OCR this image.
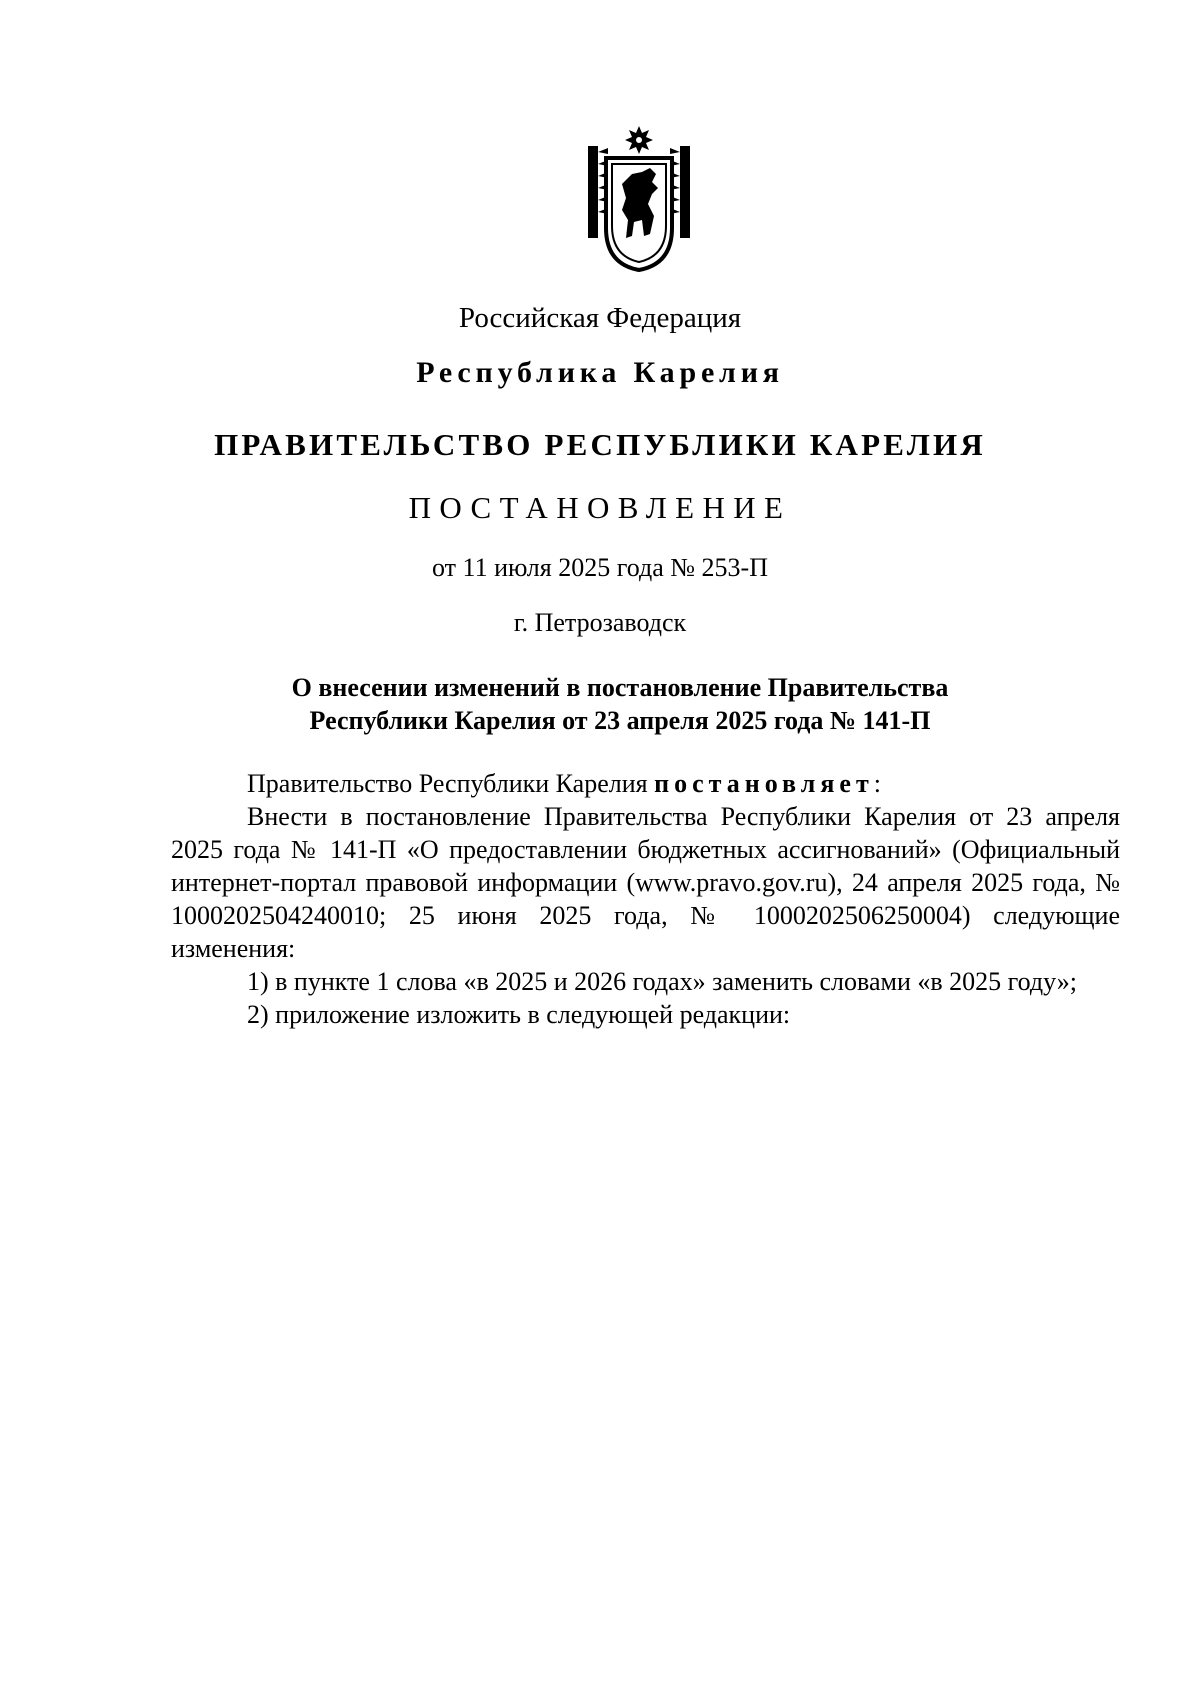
Российская Федерация
Республика Карелия
ПРАВИТЕЛЬСТВО РЕСПУБЛИКИ КАРЕЛИЯ
ПОСТАНОВЛЕНИЕ
от 11 июля 2025 года № 253-П
г. Петрозаводск
О внесении изменений в постановление Правительства
Республики Карелия от 23 апреля 2025 года № 141-П

Правительство Республики Карелия постановляет:

Внести в постановление Правительства Республики Карелия от 23 апреля 2025 года № 141-П «О предоставлении бюджетных ассигнований» (Официальный интернет-портал правовой информации (www.pravo.gov.ru), 24 апреля 2025 года, № 1000202504240010; 25 июня 2025 года, № 1000202506250004) следующие изменения:

1) в пункте 1 слова «в 2025 и 2026 годах» заменить словами «в 2025 году»;

2) приложение изложить в следующей редакции:
